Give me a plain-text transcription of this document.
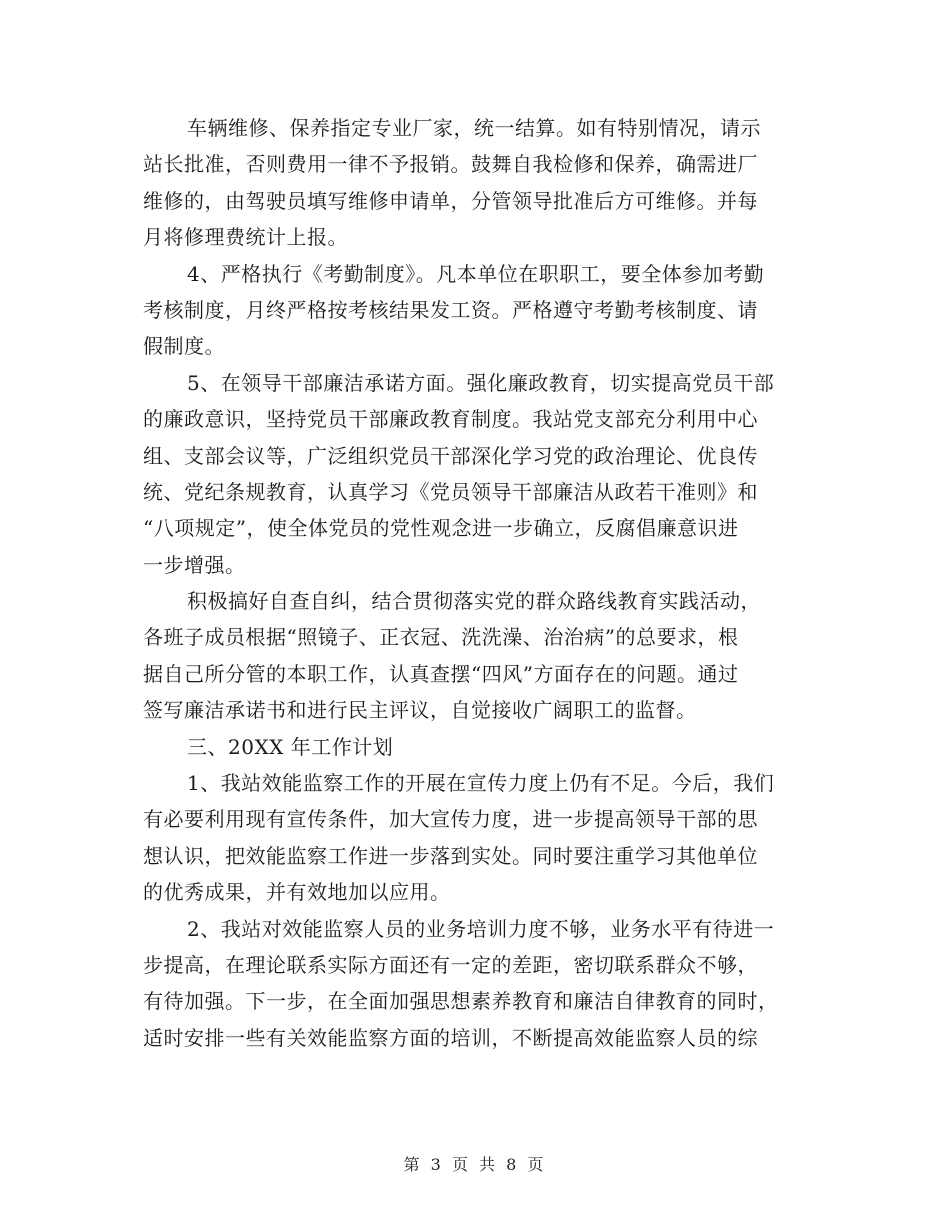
车辆维修、保养指定专业厂家，统一结算。如有特别情况，请示
站长批准，否则费用一律不予报销。鼓舞自我检修和保养，确需进厂
维修的，由驾驶员填写维修申请单，分管领导批准后方可维修。并每
月将修理费统计上报。
4、严格执行《考勤制度》。凡本单位在职职工，要全体参加考勤
考核制度，月终严格按考核结果发工资。严格遵守考勤考核制度、请
假制度。
5、在领导干部廉洁承诺方面。强化廉政教育，切实提高党员干部
的廉政意识，坚持党员干部廉政教育制度。我站党支部充分利用中心
组、支部会议等，广泛组织党员干部深化学习党的政治理论、优良传
统、党纪条规教育，认真学习《党员领导干部廉洁从政若干准则》和
“八项规定”，使全体党员的党性观念进一步确立，反腐倡廉意识进
一步增强。
积极搞好自查自纠，结合贯彻落实党的群众路线教育实践活动，
各班子成员根据“照镜子、正衣冠、洗洗澡、治治病”的总要求，根
据自己所分管的本职工作，认真查摆“四风”方面存在的问题。通过
签写廉洁承诺书和进行民主评议，自觉接收广阔职工的监督。
三、20XX 年工作计划
1、我站效能监察工作的开展在宣传力度上仍有不足。今后，我们
有必要利用现有宣传条件，加大宣传力度，进一步提高领导干部的思
想认识，把效能监察工作进一步落到实处。同时要注重学习其他单位
的优秀成果，并有效地加以应用。
2、我站对效能监察人员的业务培训力度不够，业务水平有待进一
步提高，在理论联系实际方面还有一定的差距，密切联系群众不够，
有待加强。下一步，在全面加强思想素养教育和廉洁自律教育的同时，
适时安排一些有关效能监察方面的培训，不断提高效能监察人员的综
第 3 页 共 8 页
